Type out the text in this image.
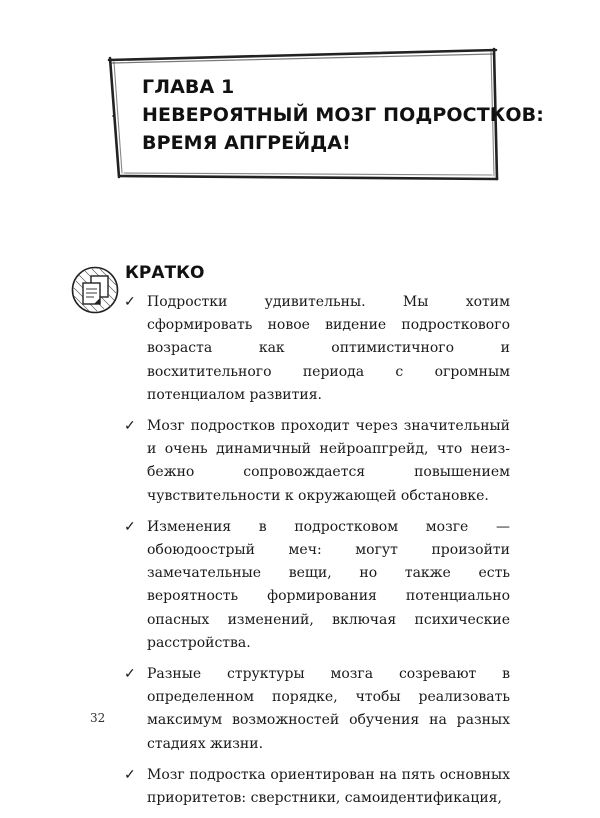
ГЛАВА 1
НЕВЕРОЯТНЫЙ МОЗГ ПОДРОСТКОВ:
ВРЕМЯ АПГРЕЙДА!
КРАТКО
✓ Подростки удивительны. Мы хотим сформировать новое видение подросткового возраста как оптимистичного и восхитительного периода с огромным потенциалом развития.
✓ Мозг подростков проходит через значительный и очень динамичный нейроапгрейд, что неизбежно сопровождается повышением чувствительности к окружающей обстановке.
✓ Изменения в подростковом мозге — обоюдоострый меч: могут произойти замечательные вещи, но также есть вероятность формирования потенциально опасных изменений, включая психические расстройства.
✓ Разные структуры мозга созревают в определенном порядке, чтобы реализовать максимум возможностей обучения на разных стадиях жизни.
✓ Мозг подростка ориентирован на пять основных приоритетов: сверстники, самоидентификация,
32
